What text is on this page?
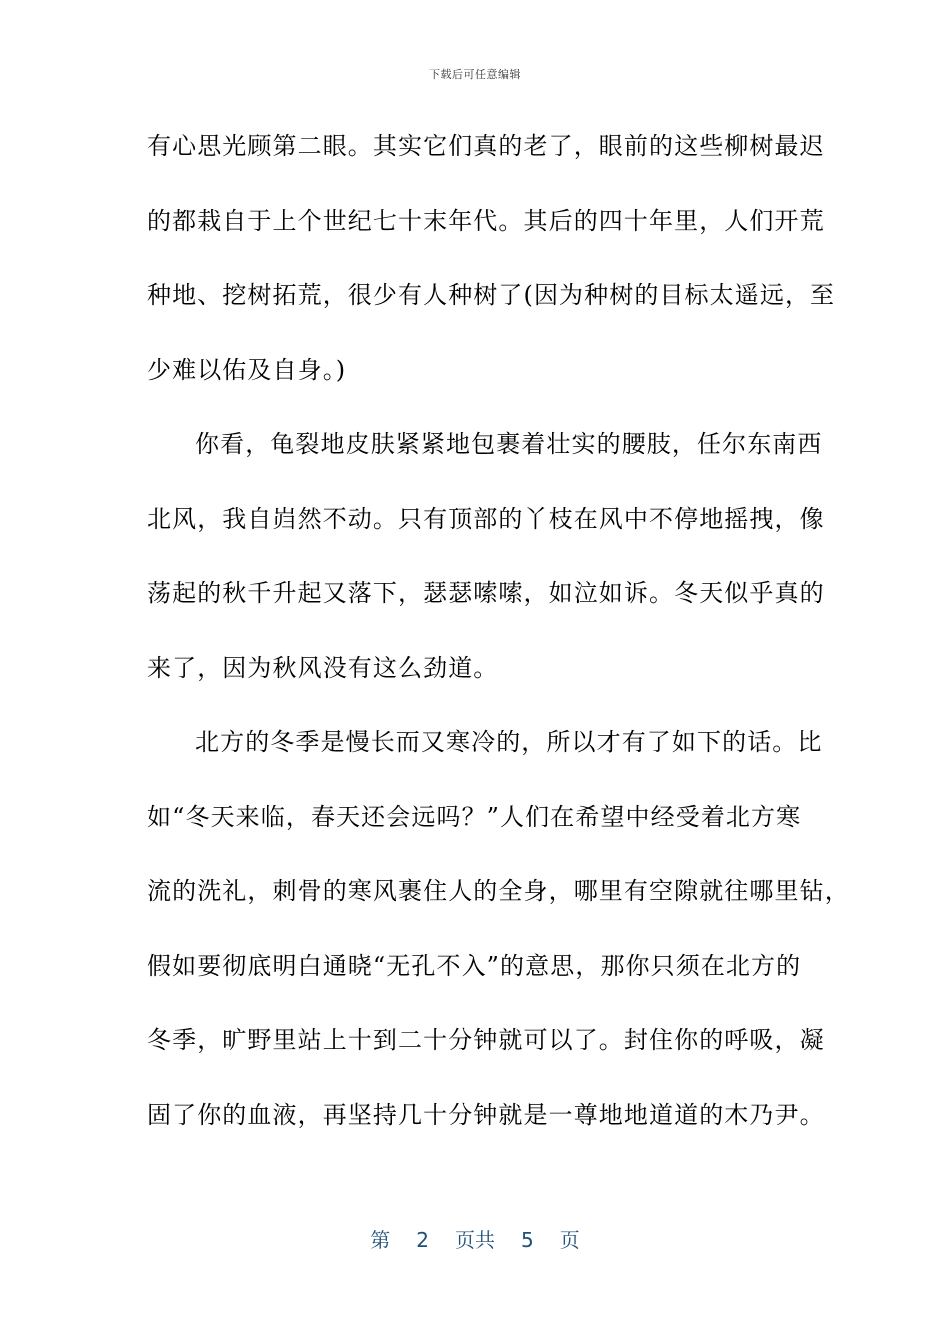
下载后可任意编辑
有心思光顾第二眼。其实它们真的老了，眼前的这些柳树最迟
的都栽自于上个世纪七十末年代。其后的四十年里，人们开荒
种地、挖树拓荒，很少有人种树了(因为种树的目标太遥远，至
少难以佑及自身。)
你看，龟裂地皮肤紧紧地包裹着壮实的腰肢，任尔东南西
北风，我自岿然不动。只有顶部的丫枝在风中不停地摇拽，像
荡起的秋千升起又落下，瑟瑟嗦嗦，如泣如诉。冬天似乎真的
来了，因为秋风没有这么劲道。
北方的冬季是慢长而又寒冷的，所以才有了如下的话。比
如“冬天来临，春天还会远吗？”人们在希望中经受着北方寒
流的洗礼，刺骨的寒风裹住人的全身，哪里有空隙就往哪里钻，
假如要彻底明白通晓“无孔不入”的意思，那你只须在北方的
冬季，旷野里站上十到二十分钟就可以了。封住你的呼吸，凝
固了你的血液，再坚持几十分钟就是一尊地地道道的木乃尹。
第 2 页共 5 页
